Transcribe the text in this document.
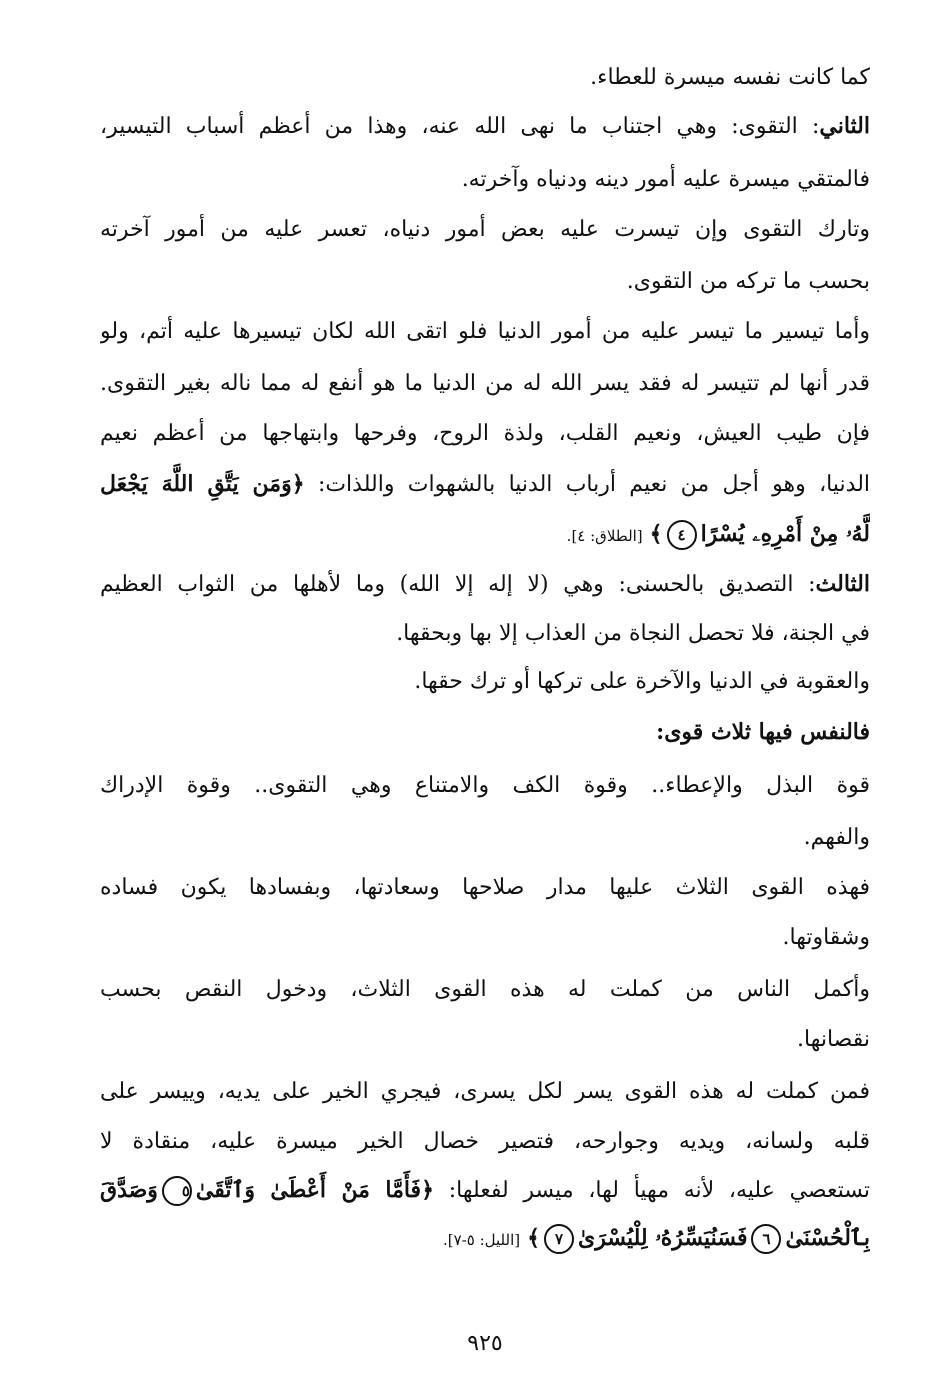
كما كانت نفسه ميسرة للعطاء.
الثاني: التقوى: وهي اجتناب ما نهى الله عنه، وهذا من أعظم أسباب التيسير،
فالمتقي ميسرة عليه أمور دينه ودنياه وآخرته.
وتارك التقوى وإن تيسرت عليه بعض أمور دنياه، تعسر عليه من أمور آخرته
بحسب ما تركه من التقوى.
وأما تيسير ما تيسر عليه من أمور الدنيا فلو اتقى الله لكان تيسيرها عليه أتم، ولو
قدر أنها لم تتيسر له فقد يسر الله له من الدنيا ما هو أنفع له مما ناله بغير التقوى.
فإن طيب العيش، ونعيم القلب، ولذة الروح، وفرحها وابتهاجها من أعظم نعيم
الدنيا، وهو أجل من نعيم أرباب الدنيا بالشهوات واللذات: ﴿وَمَن يَتَّقِ اللَّهَ يَجْعَل
لَّهُۥ مِنْ أَمْرِهِۦ يُسْرًا٤﴾ [الطلاق: ٤].
الثالث: التصديق بالحسنى: وهي (لا إله إلا الله) وما لأهلها من الثواب العظيم
في الجنة، فلا تحصل النجاة من العذاب إلا بها وبحقها.
والعقوبة في الدنيا والآخرة على تركها أو ترك حقها.
فالنفس فيها ثلاث قوى:
قوة البذل والإعطاء.. وقوة الكف والامتناع وهي التقوى.. وقوة الإدراك
والفهم.
فهذه القوى الثلاث عليها مدار صلاحها وسعادتها، وبفسادها يكون فساده
وشقاوتها.
وأكمل الناس من كملت له هذه القوى الثلاث، ودخول النقص بحسب
نقصانها.
فمن كملت له هذه القوى يسر لكل يسرى، فيجري الخير على يديه، وييسر على
قلبه ولسانه، ويديه وجوارحه، فتصير خصال الخير ميسرة عليه، منقادة لا
تستعصي عليه، لأنه مهيأ لها، ميسر لفعلها: ﴿فَأَمَّا مَنْ أَعْطَىٰ وَٱتَّقَىٰ٥وَصَدَّقَ
بِٱلْحُسْنَىٰ٦فَسَنُيَسِّرُهُۥ لِلْيُسْرَىٰ٧﴾ [الليل: ٥-٧].
٩٢٥
